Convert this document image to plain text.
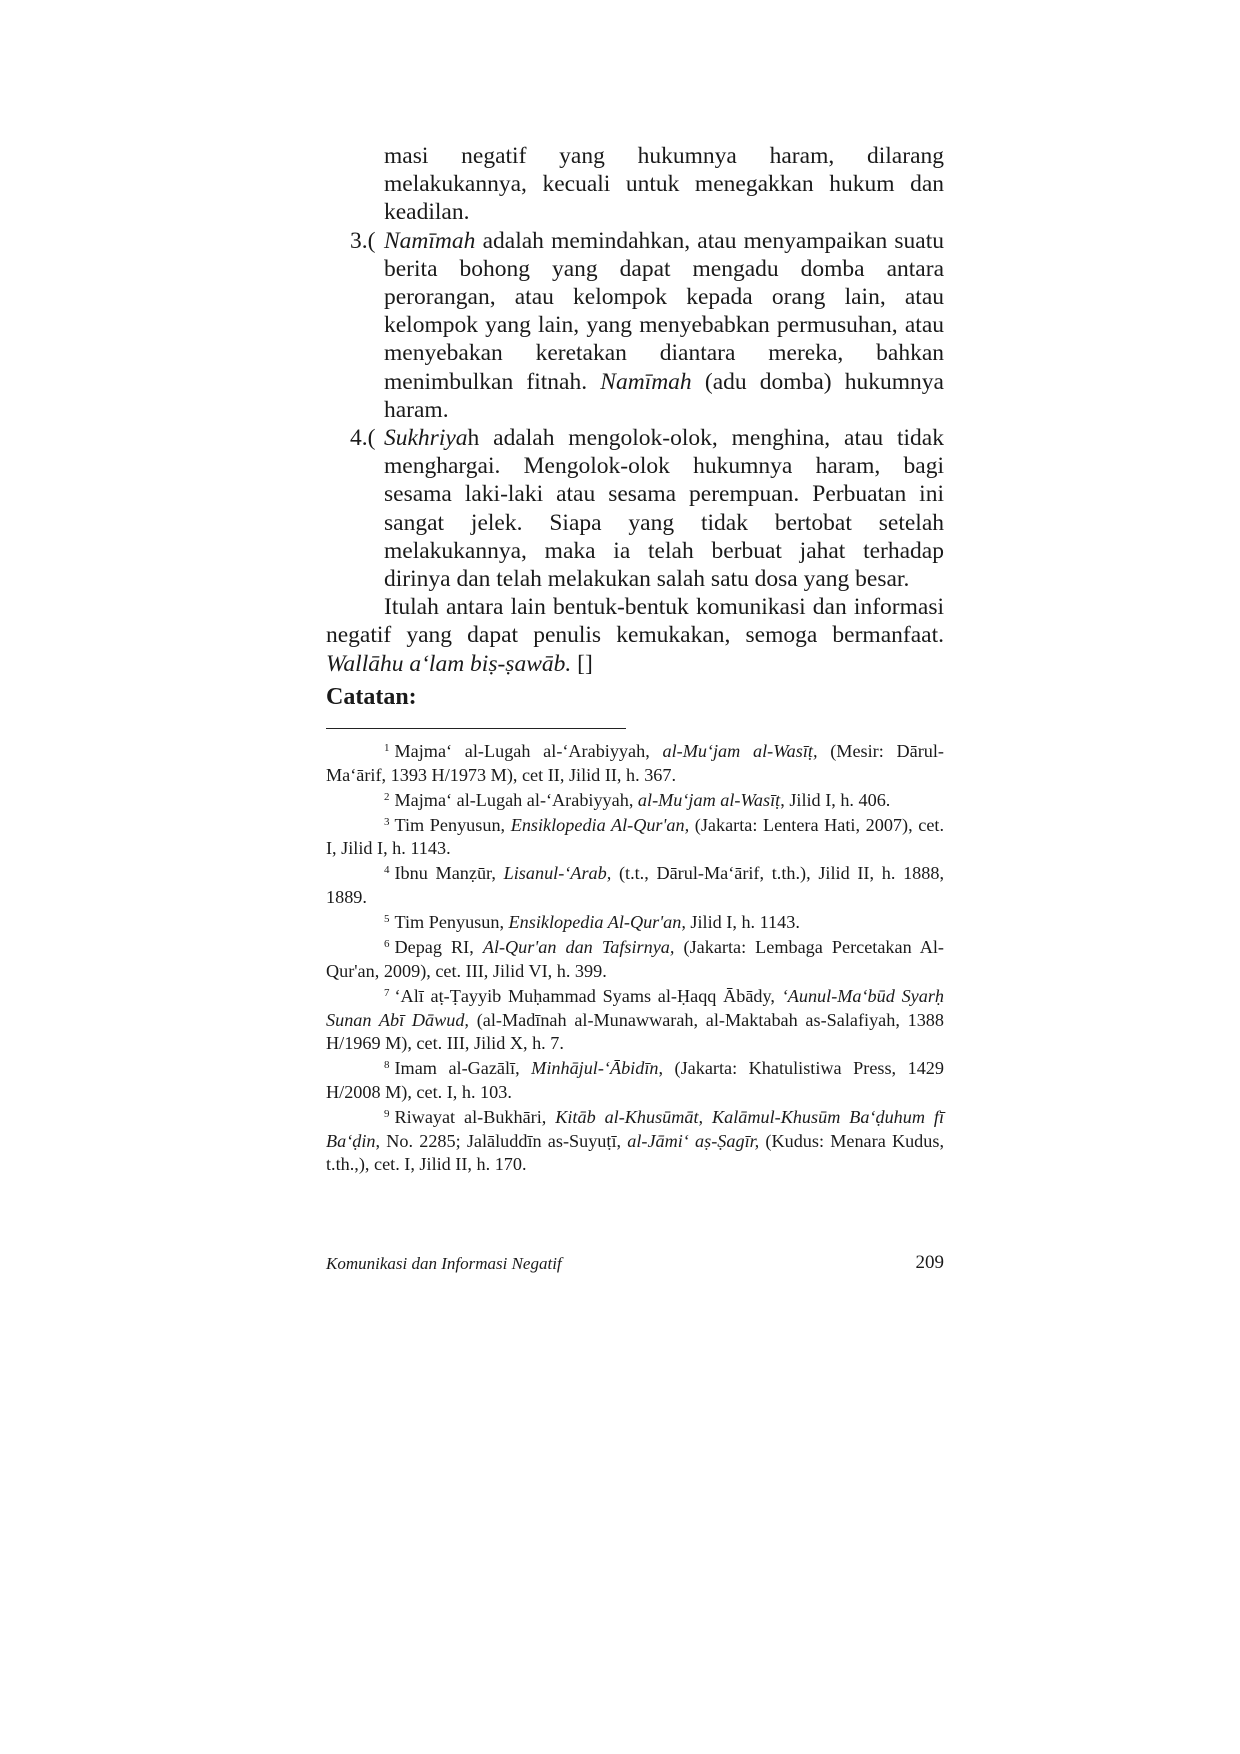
masi negatif yang hukumnya haram, dilarang melakukannya, kecuali untuk menegakkan hukum dan keadilan.
3.( Namīmah adalah memindahkan, atau menyampaikan suatu berita bohong yang dapat mengadu domba antara perorangan, atau kelompok kepada orang lain, atau kelompok yang lain, yang menyebabkan permusuhan, atau menyebakan keretakan diantara mereka, bahkan menimbulkan fitnah. Namīmah (adu domba) hukumnya haram.
4.( Sukhriyah adalah mengolok-olok, menghina, atau tidak menghargai. Mengolok-olok hukumnya haram, bagi sesama laki-laki atau sesama perempuan. Perbuatan ini sangat jelek. Siapa yang tidak bertobat setelah melakukannya, maka ia telah berbuat jahat terhadap dirinya dan telah melakukan salah satu dosa yang besar.
Itulah antara lain bentuk-bentuk komunikasi dan informasi negatif yang dapat penulis kemukakan, semoga bermanfaat. Wallāhu a‘lam biṣ-ṣawāb. []
Catatan:

$^1$ Majma‘ al-Lugah al-‘Arabiyyah, al-Mu‘jam al-Wasīṭ, (Mesir: Dārul-Ma‘ārif, 1393 H/1973 M), cet II, Jilid II, h. 367.

$^2$ Majma‘ al-Lugah al-‘Arabiyyah, al-Mu‘jam al-Wasīṭ, Jilid I, h. 406.

$^3$ Tim Penyusun, Ensiklopedia Al-Qur'an, (Jakarta: Lentera Hati, 2007), cet. I, Jilid I, h. 1143.

$^4$ Ibnu Manẓūr, Lisanul-‘Arab, (t.t., Dārul-Ma‘ārif, t.th.), Jilid II, h. 1888, 1889.

$^5$ Tim Penyusun, Ensiklopedia Al-Qur'an, Jilid I, h. 1143.

$^6$ Depag RI, Al-Qur'an dan Tafsirnya, (Jakarta: Lembaga Percetakan Al-Qur'an, 2009), cet. III, Jilid VI, h. 399.

$^7$ ‘Alī aṭ-Ṭayyib Muḥammad Syams al-Ḥaqq Ābādy, ‘Aunul-Ma‘būd Syarḥ Sunan Abī Dāwud, (al-Madīnah al-Munawwarah, al-Maktabah as-Salafiyah, 1388 H/1969 M), cet. III, Jilid X, h. 7.

$^8$ Imam al-Gazālī, Minhājul-‘Ābidīn, (Jakarta: Khatulistiwa Press, 1429 H/2008 M), cet. I, h. 103.

$^9$ Riwayat al-Bukhāri, Kitāb al-Khusūmāt, Kalāmul-Khusūm Ba‘ḍuhum fī Ba‘ḍin, No. 2285; Jalāluddīn as-Suyuṭī, al-Jāmi‘ aṣ-Ṣagīr, (Kudus: Menara Kudus, t.th.,), cet. I, Jilid II, h. 170.

Komunikasi dan Informasi Negatif	209
